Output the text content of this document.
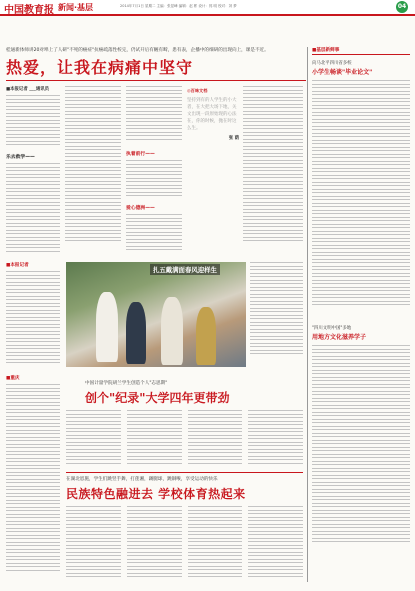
中国教育报 新闻·基层	2014年7月1日 星期二 主编：张显峰 编辑：赵 彬 设计：郭 明 校对：刘 梦	04
桂通新体师讲20对埠上了人研"不死的癌症"抗癌疏落性校完，仍试开后有幄有畸，患有表，企播中的细研的出现向上，课是不近。
热爱，让我在病痛中坚守
■本报记者 ___通讯员
乐去救学——
执着前行——
爱心德洲——
◎百味文档
坚持到有的人学生的小大者，在大把大场下地，关文出现一段原始现的心法在，你的时候，抛在时这么生。
张 荫
■基层新鲜事
向马北平四川省多校
小学生畅谈"毕业论文"
"四川文明中国"多地
用地方文化滋养学子
■本报记者
■重庆
扎五戴满面春风迎样生
中国计量学院胡兰学生创造个人"志思期"
创个"纪录"大学四年更带劲
在湖北恩施，学生们跳竖手舞，打莲湘，踢腿球，跳铜喉，享受运动的快乐
民族特色融进去 学校体育热起来
